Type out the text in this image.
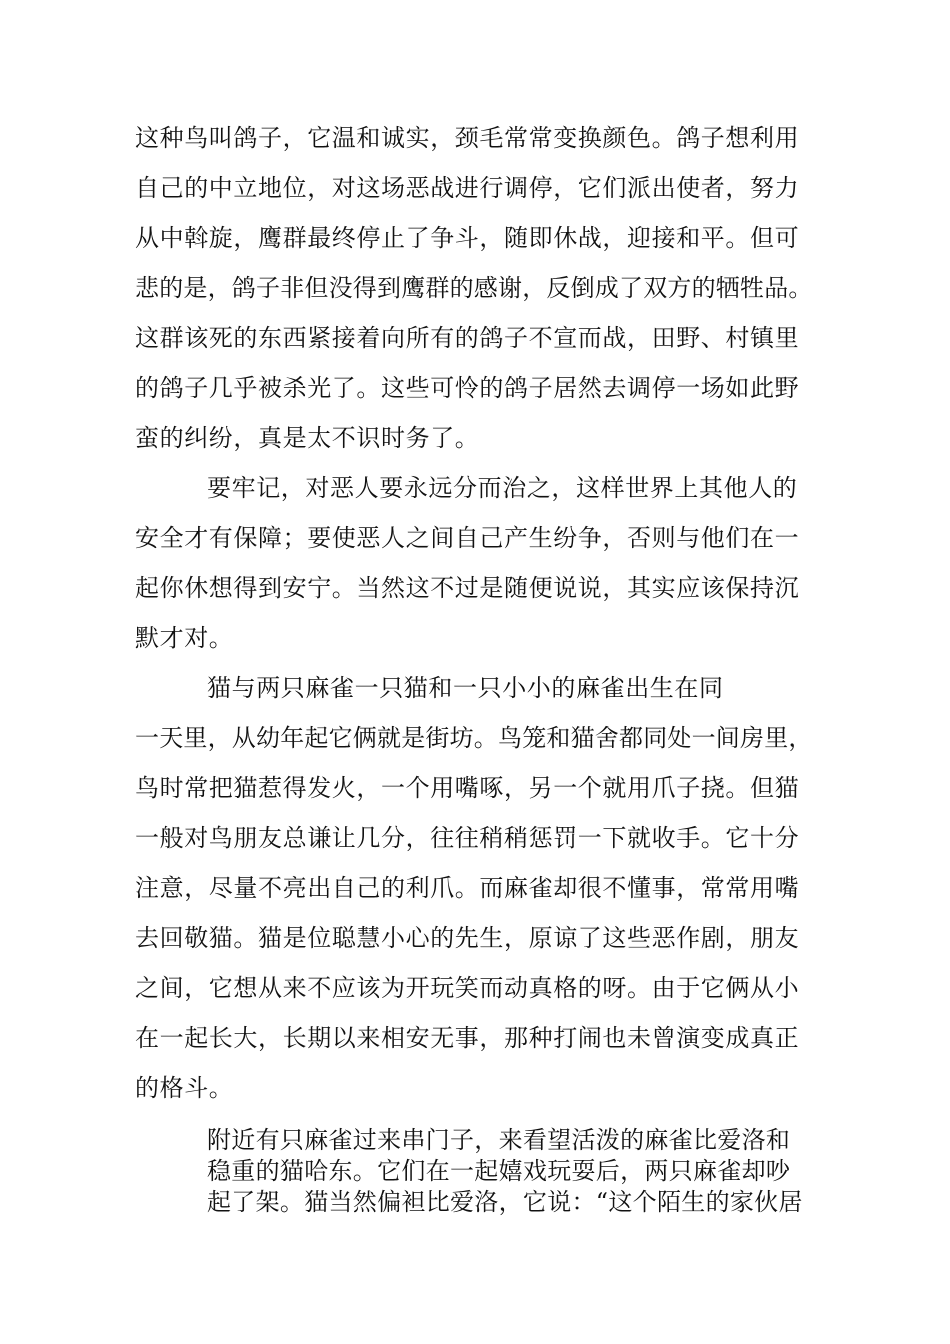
这种鸟叫鸽子，它温和诚实，颈毛常常变换颜色。鸽子想利用
自己的中立地位，对这场恶战进行调停，它们派出使者，努力
从中斡旋，鹰群最终停止了争斗，随即休战，迎接和平。但可
悲的是，鸽子非但没得到鹰群的感谢，反倒成了双方的牺牲品。
这群该死的东西紧接着向所有的鸽子不宣而战，田野、村镇里
的鸽子几乎被杀光了。这些可怜的鸽子居然去调停一场如此野
蛮的纠纷，真是太不识时务了。
要牢记，对恶人要永远分而治之，这样世界上其他人的
安全才有保障；要使恶人之间自己产生纷争，否则与他们在一
起你休想得到安宁。当然这不过是随便说说，其实应该保持沉
默才对。
猫与两只麻雀一只猫和一只小小的麻雀出生在同
一天里，从幼年起它俩就是街坊。鸟笼和猫舍都同处一间房里，
鸟时常把猫惹得发火，一个用嘴啄，另一个就用爪子挠。但猫
一般对鸟朋友总谦让几分，往往稍稍惩罚一下就收手。它十分
注意，尽量不亮出自己的利爪。而麻雀却很不懂事，常常用嘴
去回敬猫。猫是位聪慧小心的先生，原谅了这些恶作剧，朋友
之间，它想从来不应该为开玩笑而动真格的呀。由于它俩从小
在一起长大，长期以来相安无事，那种打闹也未曾演变成真正
的格斗。
附近有只麻雀过来串门子，来看望活泼的麻雀比爱洛和
稳重的猫哈东。它们在一起嬉戏玩耍后，两只麻雀却吵
起了架。猫当然偏袒比爱洛，它说：“这个陌生的家伙居
